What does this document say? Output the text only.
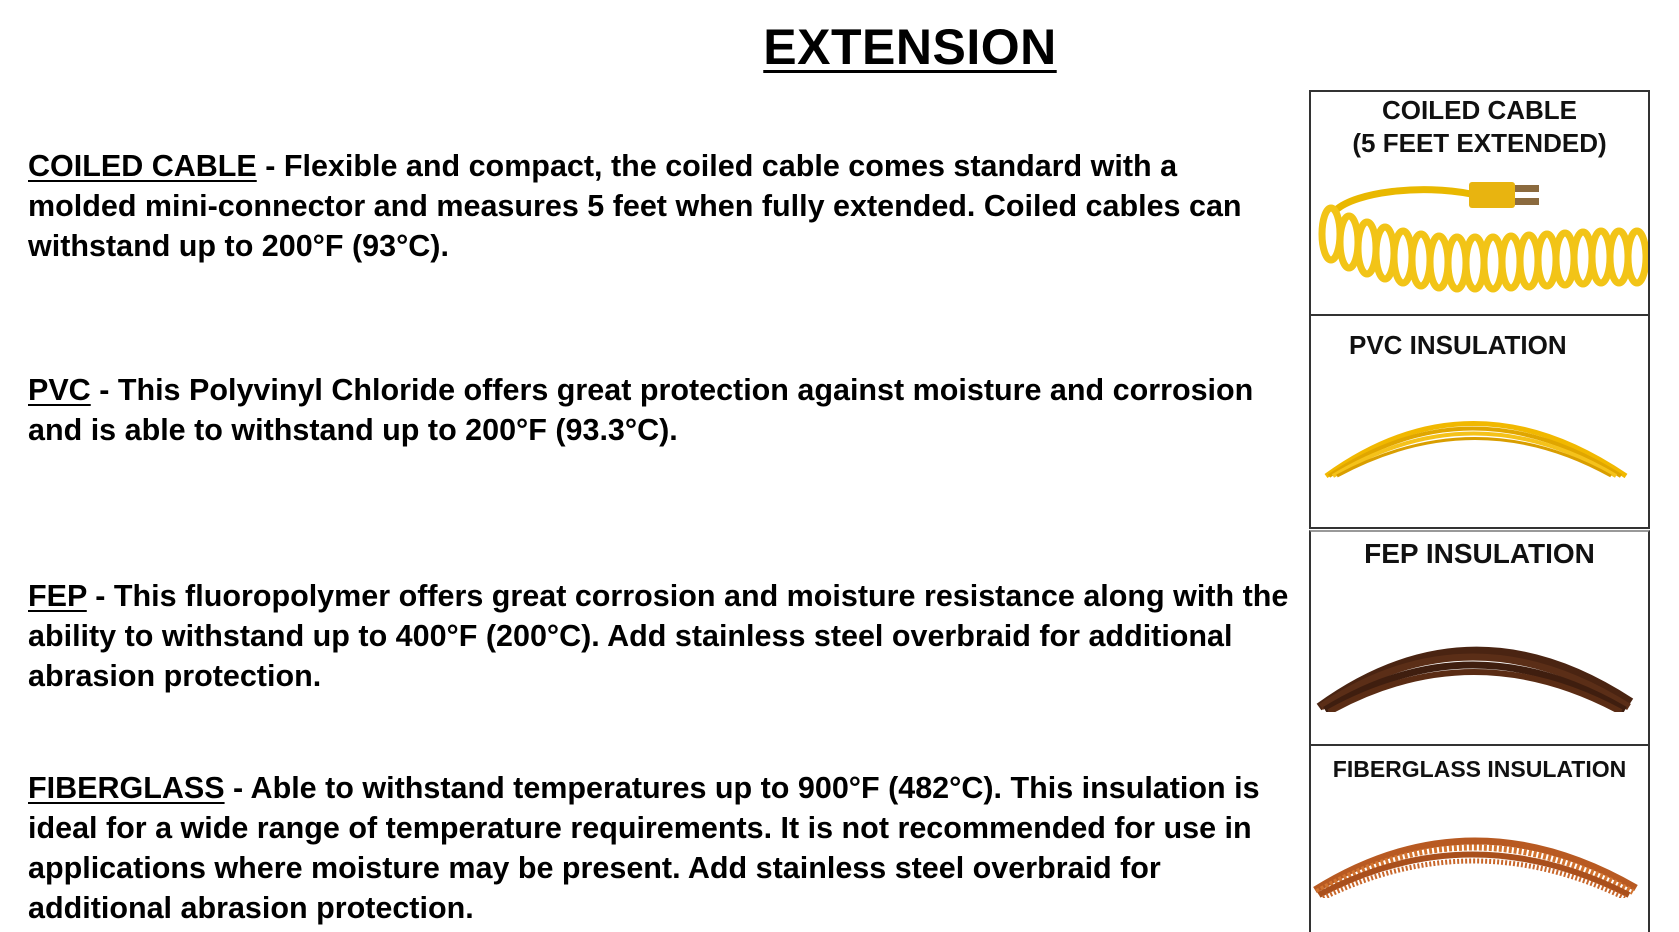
EXTENSION
COILED CABLE - Flexible and compact, the coiled cable comes standard with a molded mini-connector and measures 5 feet when fully extended. Coiled cables can withstand up to 200°F (93°C).
PVC - This Polyvinyl Chloride offers great protection against moisture and corrosion and is able to withstand up to 200°F (93.3°C).
FEP - This fluoropolymer offers great corrosion and moisture resistance along with the ability to withstand up to 400°F (200°C). Add stainless steel overbraid for additional abrasion protection.
FIBERGLASS - Able to withstand temperatures up to 900°F (482°C). This insulation is ideal for a wide range of temperature requirements. It is not recommended for use in applications where moisture may be present. Add stainless steel overbraid for additional abrasion protection.
COILED CABLE
(5 FEET EXTENDED)
PVC INSULATION
FEP INSULATION
FIBERGLASS INSULATION
